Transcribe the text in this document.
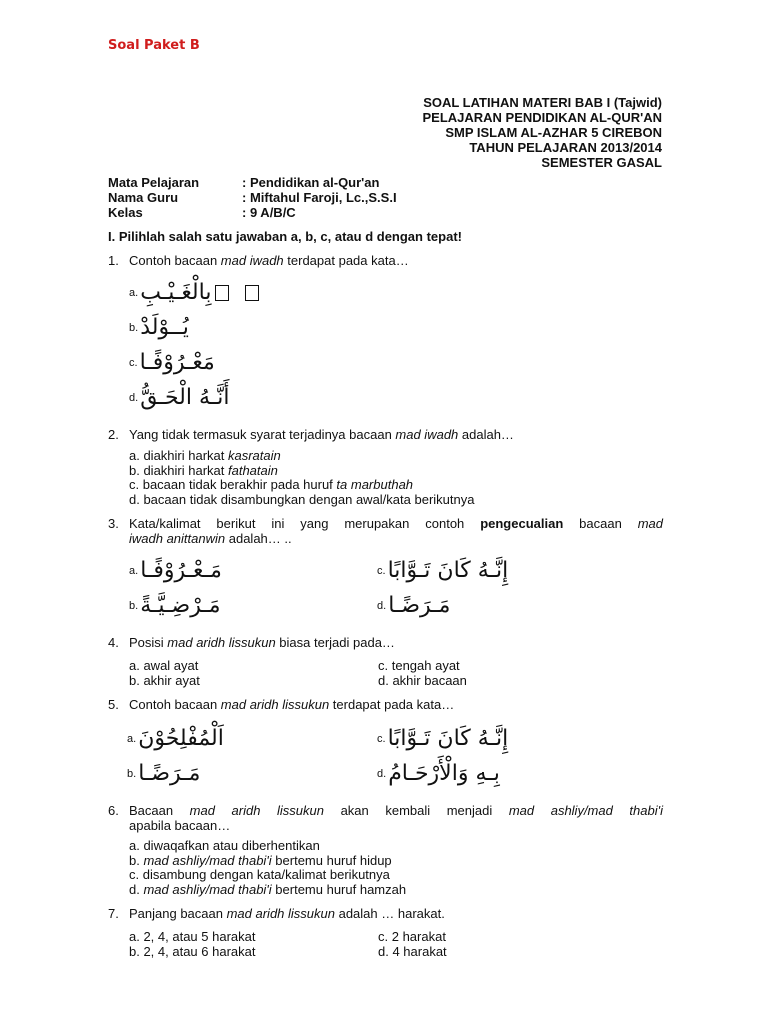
Soal Paket B
SOAL LATIHAN MATERI BAB I (Tajwid)
PELAJARAN PENDIDIKAN AL-QUR'AN
SMP ISLAM AL-AZHAR 5 CIREBON
TAHUN PELAJARAN 2013/2014
SEMESTER GASAL
Mata Pelajaran	: Pendidikan al-Qur'an
Nama Guru	: Miftahul Faroji, Lc.,S.S.I
Kelas	: 9 A/B/C
I. Pilihlah salah satu jawaban a, b, c, atau d dengan tepat!
1. Contoh bacaan mad iwadh terdapat pada kata…
a. بِالْغَـيْـبِ
b. يُــوْلَدْ
c. مَعْـرُوْفًـا
d. أَنَّـهُ الْحَـقُّ
2. Yang tidak termasuk syarat terjadinya bacaan mad iwadh adalah…
a. diakhiri harkat kasratain
b. diakhiri harkat fathatain
c. bacaan tidak berakhir pada huruf ta marbuthah
d. bacaan tidak disambungkan dengan awal/kata berikutnya
3. Kata/kalimat berikut ini yang merupakan contoh pengecualian bacaan mad
iwadh anittanwin adalah… ..
a. مَـعْـرُوْفًـا
b. مَـرْضِـيَّـةً
c. إِنَّـهُ كَانَ تَـوَّابًا
d. مَـرَضًـا
4. Posisi mad aridh lissukun biasa terjadi pada…
a. awal ayat
b. akhir ayat
c. tengah ayat
d. akhir bacaan
5. Contoh bacaan mad aridh lissukun terdapat pada kata…
a. اَلْمُفْلِحُوْنَ
b. مَـرَضًـا
c. إِنَّـهُ كَانَ تَـوَّابًا
d. بِـهِ وَالْأَرْحَـامُ
6. Bacaan mad aridh lissukun akan kembali menjadi mad ashliy/mad thabi'i
apabila bacaan…
a. diwaqafkan atau diberhentikan
b. mad ashliy/mad thabi'i bertemu huruf hidup
c. disambung dengan kata/kalimat berikutnya
d. mad ashliy/mad thabi'i bertemu huruf hamzah
7. Panjang bacaan mad aridh lissukun adalah … harakat.
a. 2, 4, atau 5 harakat
b. 2, 4, atau 6 harakat
c. 2 harakat
d. 4 harakat
